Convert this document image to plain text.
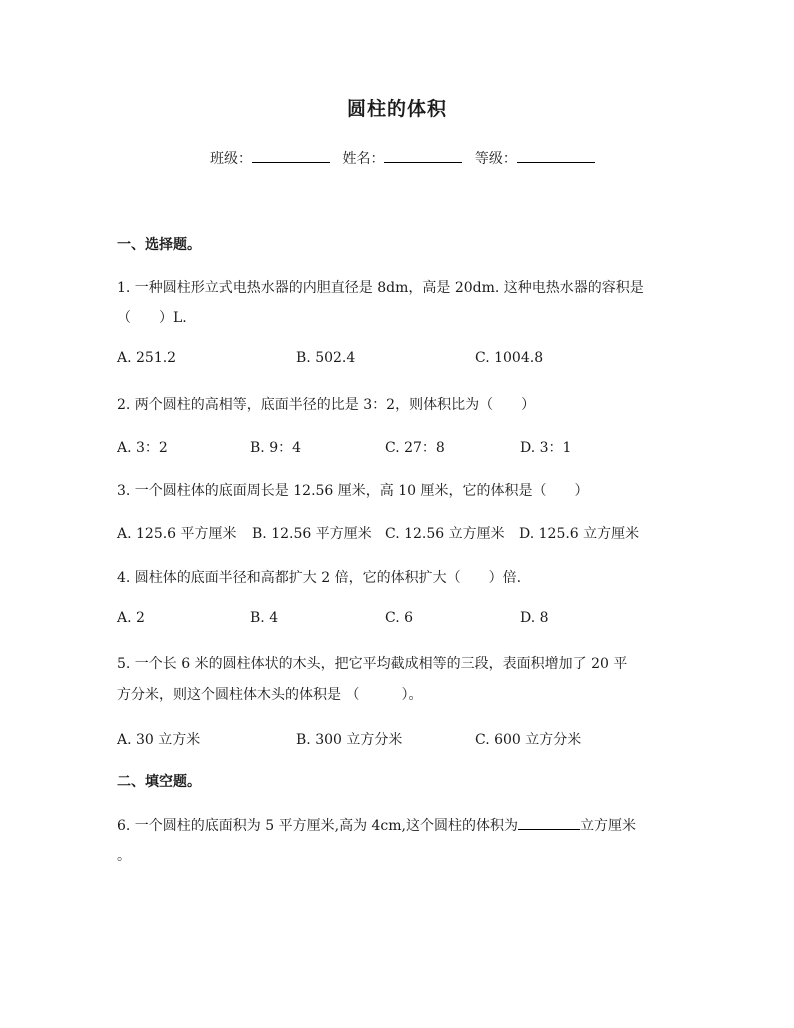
圆柱的体积
班级：	姓名：	等级：
一、选择题。
1. 一种圆柱形立式电热水器的内胆直径是 8dm，高是 20dm. 这种电热水器的容积是
（　　）L.
A. 251.2	B. 502.4	C. 1004.8
2. 两个圆柱的高相等，底面半径的比是 3：2，则体积比为（　　）
A. 3：2	B. 9：4	C. 27：8	D. 3：1
3. 一个圆柱体的底面周长是 12.56 厘米，高 10 厘米，它的体积是（　　）
A. 125.6 平方厘米 B. 12.56 平方厘米 C. 12.56 立方厘米 D. 125.6 立方厘米
4. 圆柱体的底面半径和高都扩大 2 倍，它的体积扩大（　　）倍.
A. 2	B. 4	C. 6	D. 8
5. 一个长 6 米的圆柱体状的木头，把它平均截成相等的三段，表面积增加了 20 平
方分米，则这个圆柱体木头的体积是 （　　　）。
A. 30 立方米	B. 300 立方分米	C. 600 立方分米
二、填空题。
6. 一个圆柱的底面积为 5 平方厘米,高为 4cm,这个圆柱的体积为	立方厘米
。
